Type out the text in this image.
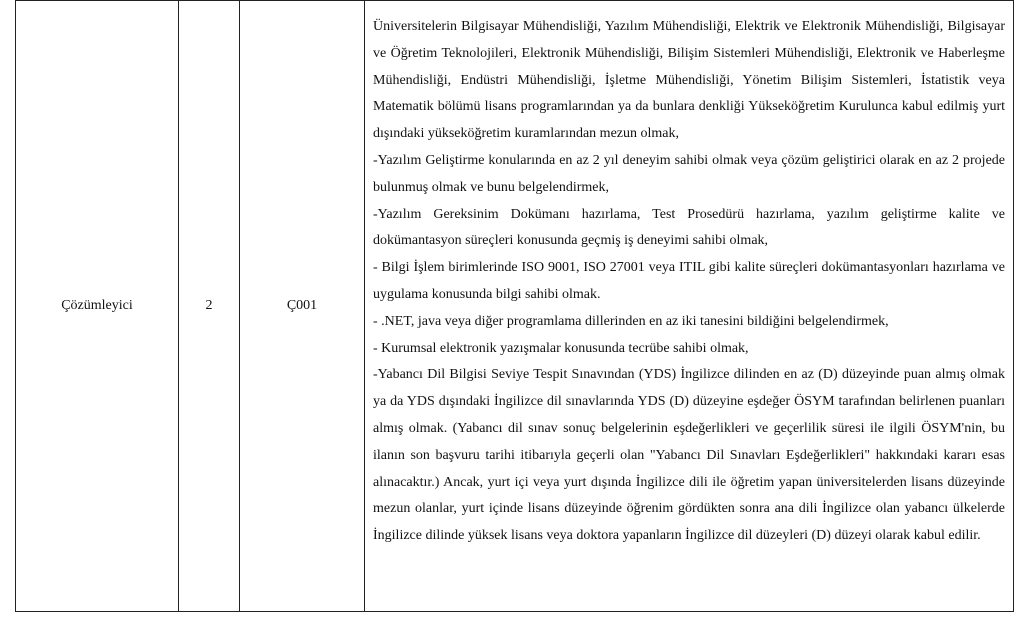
Çözümleyici	2	Ç001	
Üniversitelerin Bilgisayar Mühendisliği, Yazılım Mühendisliği, Elektrik ve Elektronik Mühendisliği, Bilgisayar ve Öğretim Teknolojileri, Elektronik Mühendisliği, Bilişim Sistemleri Mühendisliği, Elektronik ve Haberleşme Mühendisliği, Endüstri Mühendisliği, İşletme Mühendisliği, Yönetim Bilişim Sistemleri, İstatistik veya Matematik bölümü lisans programlarından ya da bunlara denkliği Yükseköğretim Kurulunca kabul edilmiş yurt dışındaki yükseköğretim kuramlarından mezun olmak,
-Yazılım Geliştirme konularında en az 2 yıl deneyim sahibi olmak veya çözüm geliştirici olarak en az 2 projede bulunmuş olmak ve bunu belgelendirmek,
-Yazılım Gereksinim Dokümanı hazırlama, Test Prosedürü hazırlama, yazılım geliştirme kalite ve dokümantasyon süreçleri konusunda geçmiş iş deneyimi sahibi olmak,
- Bilgi İşlem birimlerinde ISO 9001, ISO 27001 veya ITIL gibi kalite süreçleri dokümantasyonları hazırlama ve uygulama konusunda bilgi sahibi olmak.
- .NET, java veya diğer programlama dillerinden en az iki tanesini bildiğini belgelendirmek,
- Kurumsal elektronik yazışmalar konusunda tecrübe sahibi olmak,
-Yabancı Dil Bilgisi Seviye Tespit Sınavından (YDS) İngilizce dilinden en az (D) düzeyinde puan almış olmak ya da YDS dışındaki İngilizce dil sınavlarında YDS (D) düzeyine eşdeğer ÖSYM tarafından belirlenen puanları almış olmak. (Yabancı dil sınav sonuç belgelerinin eşdeğerlikleri ve geçerlilik süresi ile ilgili ÖSYM'nin, bu ilanın son başvuru tarihi itibarıyla geçerli olan "Yabancı Dil Sınavları Eşdeğerlikleri" hakkındaki kararı esas alınacaktır.) Ancak, yurt içi veya yurt dışında İngilizce dili ile öğretim yapan üniversitelerden lisans düzeyinde mezun olanlar, yurt içinde lisans düzeyinde öğrenim gördükten sonra ana dili İngilizce olan yabancı ülkelerde İngilizce dilinde yüksek lisans veya doktora yapanların İngilizce dil düzeyleri (D) düzeyi olarak kabul edilir.
